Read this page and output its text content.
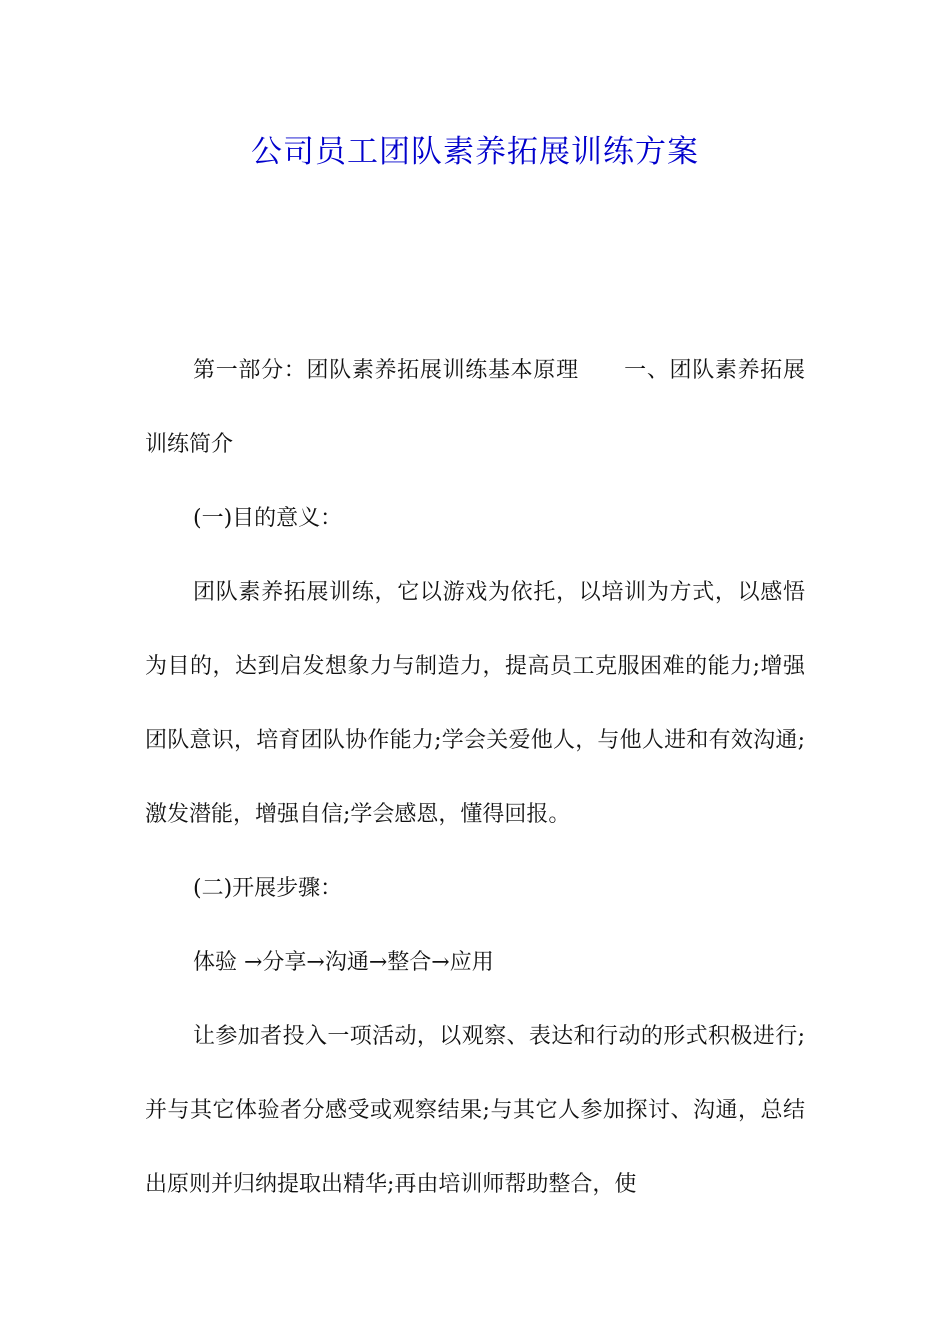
公司员工团队素养拓展训练方案

第一部分：团队素养拓展训练基本原理　　一、团队素养拓展训练简介

(一)目的意义：

团队素养拓展训练，它以游戏为依托，以培训为方式，以感悟为目的，达到启发想象力与制造力，提高员工克服困难的能力;增强团队意识，培育团队协作能力;学会关爱他人，与他人进和有效沟通;激发潜能，增强自信;学会感恩，懂得回报。

(二)开展步骤：

体验 →分享→沟通→整合→应用

让参加者投入一项活动，以观察、表达和行动的形式积极进行;并与其它体验者分感受或观察结果;与其它人参加探讨、沟通，总结出原则并归纳提取出精华;再由培训师帮助整合，使
